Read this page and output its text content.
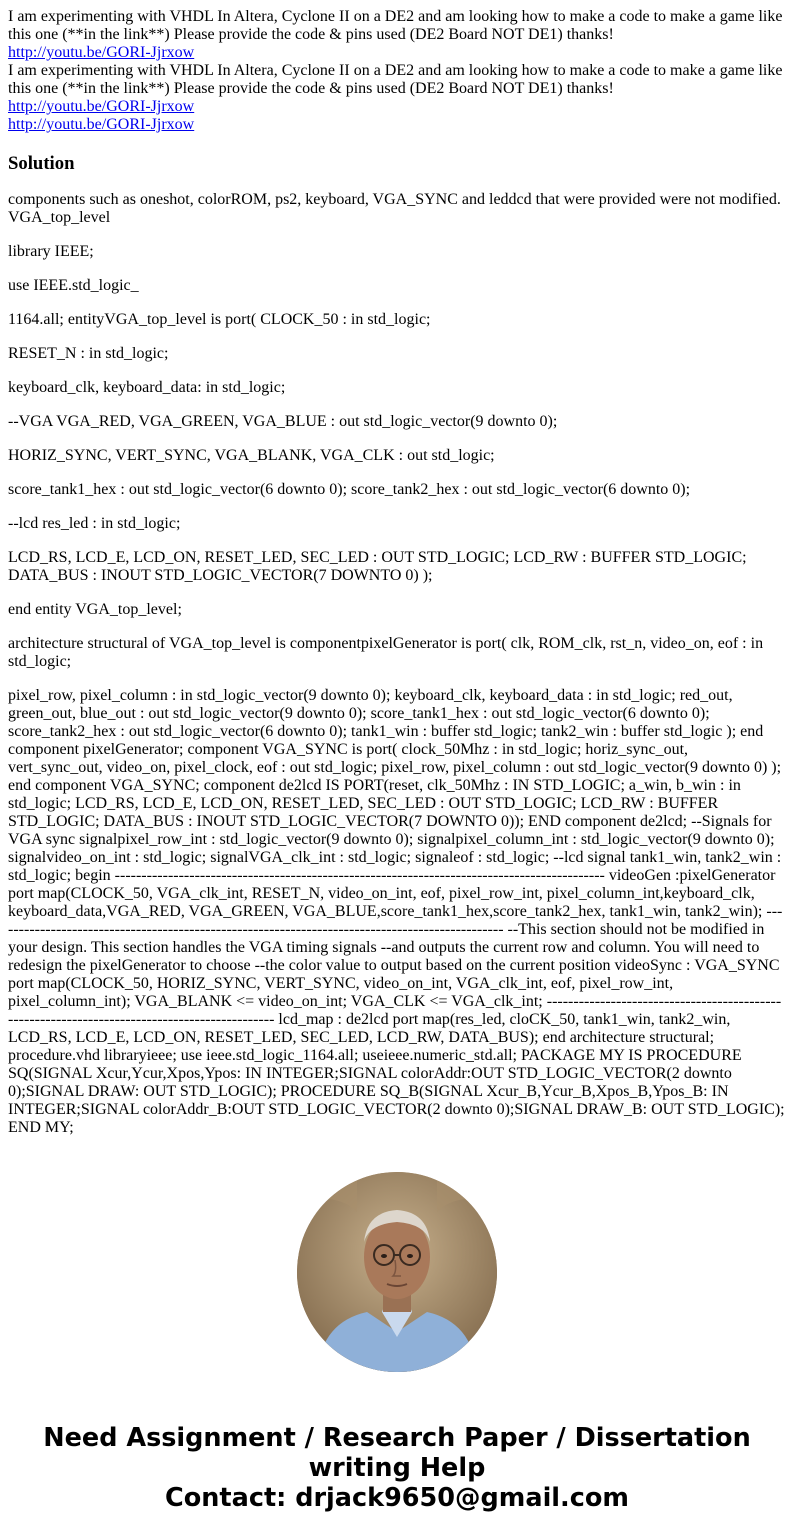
I am experimenting with VHDL In Altera, Cyclone II on a DE2 and am looking how to make a code to make a game like this one (**in the link**) Please provide the code & pins used (DE2 Board NOT DE1) thanks!

http://youtu.be/GORI-Jjrxow

I am experimenting with VHDL In Altera, Cyclone II on a DE2 and am looking how to make a code to make a game like this one (**in the link**) Please provide the code & pins used (DE2 Board NOT DE1) thanks!

http://youtu.be/GORI-Jjrxow
http://youtu.be/GORI-Jjrxow
Solution

components such as oneshot, colorROM, ps2, keyboard, VGA_SYNC and leddcd that were provided were not modified. VGA_top_level

library IEEE;

use IEEE.std_logic_

1164.all; entityVGA_top_level is port( CLOCK_50 : in std_logic;

RESET_N : in std_logic;

keyboard_clk, keyboard_data: in std_logic;

--VGA VGA_RED, VGA_GREEN, VGA_BLUE : out std_logic_vector(9 downto 0);

HORIZ_SYNC, VERT_SYNC, VGA_BLANK, VGA_CLK : out std_logic;

score_tank1_hex : out std_logic_vector(6 downto 0); score_tank2_hex : out std_logic_vector(6 downto 0);

--lcd res_led : in std_logic;

LCD_RS, LCD_E, LCD_ON, RESET_LED, SEC_LED : OUT STD_LOGIC; LCD_RW : BUFFER STD_LOGIC; DATA_BUS : INOUT STD_LOGIC_VECTOR(7 DOWNTO 0) );

end entity VGA_top_level;

architecture structural of VGA_top_level is componentpixelGenerator is port( clk, ROM_clk, rst_n, video_on, eof : in std_logic;

pixel_row, pixel_column : in std_logic_vector(9 downto 0); keyboard_clk, keyboard_data : in std_logic; red_out, green_out, blue_out : out std_logic_vector(9 downto 0); score_tank1_hex : out std_logic_vector(6 downto 0); score_tank2_hex : out std_logic_vector(6 downto 0); tank1_win : buffer std_logic; tank2_win : buffer std_logic ); end component pixelGenerator; component VGA_SYNC is port( clock_50Mhz : in std_logic; horiz_sync_out, vert_sync_out, video_on, pixel_clock, eof : out std_logic; pixel_row, pixel_column : out std_logic_vector(9 downto 0) ); end component VGA_SYNC; component de2lcd IS PORT(reset, clk_50Mhz : IN STD_LOGIC; a_win, b_win : in std_logic; LCD_RS, LCD_E, LCD_ON, RESET_LED, SEC_LED : OUT STD_LOGIC; LCD_RW : BUFFER STD_LOGIC; DATA_BUS : INOUT STD_LOGIC_VECTOR(7 DOWNTO 0)); END component de2lcd; --Signals for VGA sync signalpixel_row_int : std_logic_vector(9 downto 0); signalpixel_column_int : std_logic_vector(9 downto 0); signalvideo_on_int : std_logic; signalVGA_clk_int : std_logic; signaleof : std_logic; --lcd signal tank1_win, tank2_win : std_logic; begin -------------------------------------------------------------------------------------------- videoGen :pixelGenerator port map(CLOCK_50, VGA_clk_int, RESET_N, video_on_int, eof, pixel_row_int, pixel_column_int,keyboard_clk, keyboard_data,VGA_RED, VGA_GREEN, VGA_BLUE,score_tank1_hex,score_tank2_hex, tank1_win, tank2_win); ------------------------------------------------------------------------------------------------ --This section should not be modified in your design. This section handles the VGA timing signals --and outputs the current row and column. You will need to redesign the pixelGenerator to choose --the color value to output based on the current position videoSync : VGA_SYNC port map(CLOCK_50, HORIZ_SYNC, VERT_SYNC, video_on_int, VGA_clk_int, eof, pixel_row_int, pixel_column_int); VGA_BLANK <= video_on_int; VGA_CLK <= VGA_clk_int; ---------------------------------------------------------------------------------------------- lcd_map : de2lcd port map(res_led, cloCK_50, tank1_win, tank2_win, LCD_RS, LCD_E, LCD_ON, RESET_LED, SEC_LED, LCD_RW, DATA_BUS); end architecture structural; procedure.vhd libraryieee; use ieee.std_logic_1164.all; useieee.numeric_std.all; PACKAGE MY IS PROCEDURE SQ(SIGNAL Xcur,Ycur,Xpos,Ypos: IN INTEGER;SIGNAL colorAddr:OUT STD_LOGIC_VECTOR(2 downto 0);SIGNAL DRAW: OUT STD_LOGIC); PROCEDURE SQ_B(SIGNAL Xcur_B,Ycur_B,Xpos_B,Ypos_B: IN INTEGER;SIGNAL colorAddr_B:OUT STD_LOGIC_VECTOR(2 downto 0);SIGNAL DRAW_B: OUT STD_LOGIC); END MY;

Need Assignment / Research Paper / Dissertation
writing Help
Contact: drjack9650@gmail.com
